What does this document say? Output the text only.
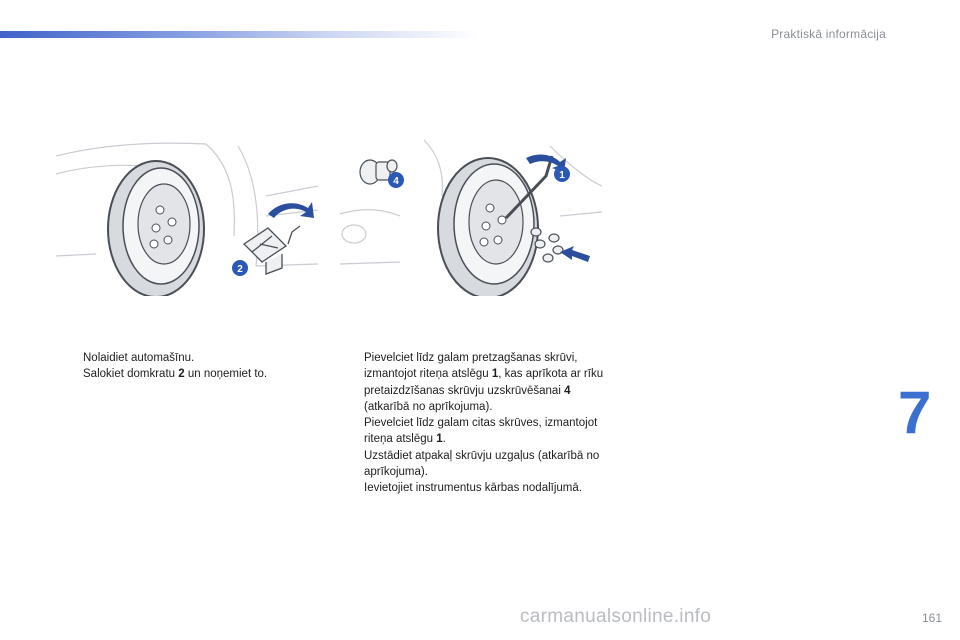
Praktiskā informācija
2
1
4
Nolaidiet automašīnu.
Salokiet domkratu 2 un noņemiet to.
Pievelciet līdz galam pretzagšanas skrūvi, izmantojot riteņa atslēgu 1, kas aprīkota ar rīku pretaizdzīšanas skrūvju uzskrūvēšanai 4 (atkarībā no aprīkojuma).
Pievelciet līdz galam citas skrūves, izmantojot riteņa atslēgu 1.
Uzstādiet atpakaļ skrūvju uzgaļus (atkarībā no aprīkojuma).
Ievietojiet instrumentus kārbas nodalījumā.
7
161
carmanualsonline.info
